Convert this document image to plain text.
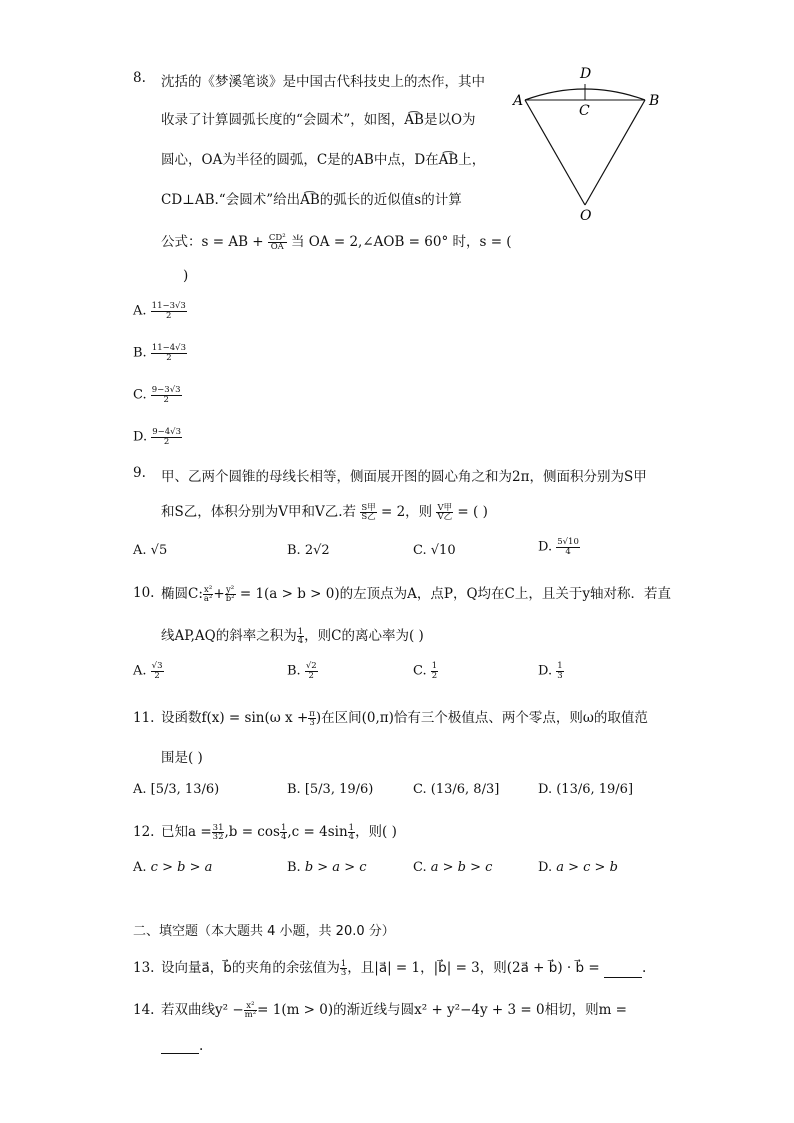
8. 沈括的《梦溪笔谈》是中国古代科技史上的杰作，其中
收录了计算圆弧长度的“会圆术”，如图，A͡B是以O为
圆心，OA为半径的圆弧，C是的AB中点，D在A͡B上，
CD⊥AB.“会圆术”给出A͡B的弧长的近似值s的计算
公式：s = AB + $\frac{\text{CD²}}{OA}$ 当 OA = 2,∠AOB = 60° 时，s = (
)
A	B
C
D
O
A. $\frac{11-3√3}{2}$
B. $\frac{11-4√3}{2}$
C. $\frac{9-3√3}{2}$
D. $\frac{9-4√3}{2}$
9. 甲、乙两个圆锥的母线长相等，侧面展开图的圆心角之和为2π，侧面积分别为S甲
和S乙，体积分别为V甲和V乙.若 $\frac{\text{S甲}}{\text{S乙}} = 2$，则 $\frac{\text{V甲}}{\text{V乙}}$ = ( )
A. √5	B. 2√2	C. √10	D. $\frac{5√10}{4}$
10. 椭圆C: $\frac{\text{x²}}{\text{a²}} + \frac{\text{y²}}{\text{b²}} = 1(a > b > 0)$的左顶点为A，点P，Q均在C上，且关于y轴对称．若直
线AP,AQ的斜率之积为 $\frac{1}{4}$ ，则C的离心率为( )
A. $\frac{√3}{2}$	B. $\frac{√2}{2}$	C. $\frac{1}{2}$	D. $\frac{1}{3}$
11. 设函数f(x) = sin(ω $x + \frac{\pi}{3}$ )在区间(0,π)恰有三个极值点、两个零点，则ω的取值范
围是( )
A. [5/3, 13/6)	B. [5/3, 19/6)	C. (13/6, 8/3]	D. (13/6, 19/6]
12. 已知$a = \frac{31}{32} ,b = \cos \frac{1}{4} ,c = 4\sin \frac{1}{4}$ ，则( )
A. c > b > a	B. b > a > c	C. a > b > c	D. a > c > b
二、填空题（本大题共 4 小题，共 20.0 分）
13. 设向量a⃗，b⃗的夹角的余弦值为 $\frac{1}{3}$ ，且|a⃗| = 1，|b⃗| = 3，则(2a⃗ + b⃗) · b⃗ =	.
14. 若双曲线$y^2 - \frac{\text{x²}}{\text{m²}} = 1(m > 0)$的渐近线与圆x² + y²−4y + 3 = 0相切，则m =
.
